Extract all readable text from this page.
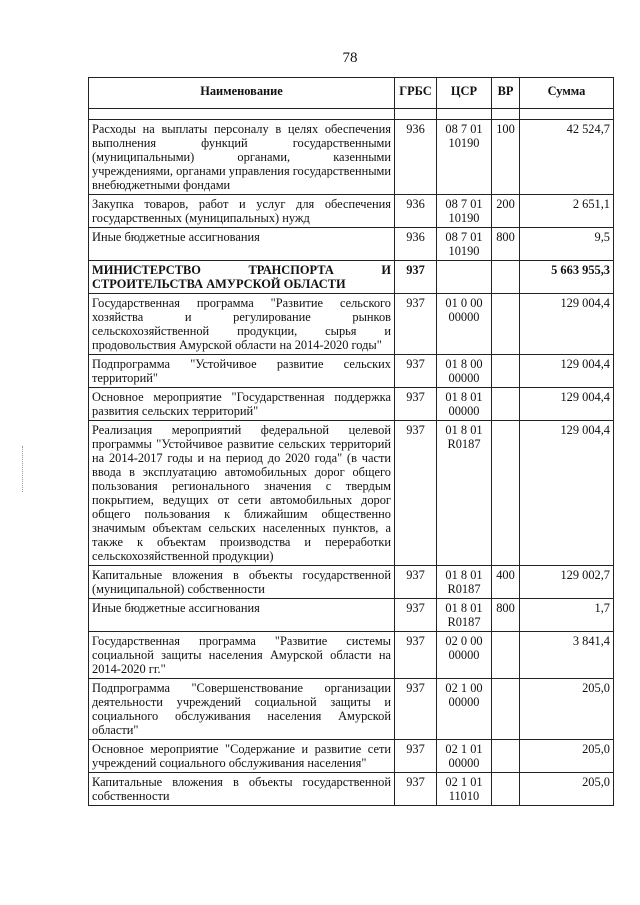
78
Наименование	ГРБС	ЦСР	ВР	Сумма

Расходы на выплаты персоналу в целях обеспечения выполнения функций государственными (муниципальными) органами, казенными учреждениями, органами управления государственными внебюджетными фондами	936	08 7 01 10190	100	42 524,7
Закупка товаров, работ и услуг для обеспечения государственных (муниципальных) нужд	936	08 7 01 10190	200	2 651,1
Иные бюджетные ассигнования	936	08 7 01 10190	800	9,5
МИНИСТЕРСТВО ТРАНСПОРТА И СТРОИТЕЛЬСТВА АМУРСКОЙ ОБЛАСТИ	937			5 663 955,3
Государственная программа "Развитие сельского хозяйства и регулирование рынков сельскохозяйственной продукции, сырья и продовольствия Амурской области на 2014-2020 годы"	937	01 0 00 00000		129 004,4
Подпрограмма "Устойчивое развитие сельских территорий"	937	01 8 00 00000		129 004,4
Основное мероприятие "Государственная поддержка развития сельских территорий"	937	01 8 01 00000		129 004,4
Реализация мероприятий федеральной целевой программы "Устойчивое развитие сельских территорий на 2014-2017 годы и на период до 2020 года" (в части ввода в эксплуатацию автомобильных дорог общего пользования регионального значения с твердым покрытием, ведущих от сети автомобильных дорог общего пользования к ближайшим общественно значимым объектам сельских населенных пунктов, а также к объектам производства и переработки сельскохозяйственной продукции)	937	01 8 01 R0187		129 004,4
Капитальные вложения в объекты государственной (муниципальной) собственности	937	01 8 01 R0187	400	129 002,7
Иные бюджетные ассигнования	937	01 8 01 R0187	800	1,7
Государственная программа "Развитие системы социальной защиты населения Амурской области на 2014-2020 гг."	937	02 0 00 00000		3 841,4
Подпрограмма "Совершенствование организации деятельности учреждений социальной защиты и социального обслуживания населения Амурской области"	937	02 1 00 00000		205,0
Основное мероприятие "Содержание и развитие сети учреждений социального обслуживания населения"	937	02 1 01 00000		205,0
Капитальные вложения в объекты государственной собственности	937	02 1 01 11010		205,0
